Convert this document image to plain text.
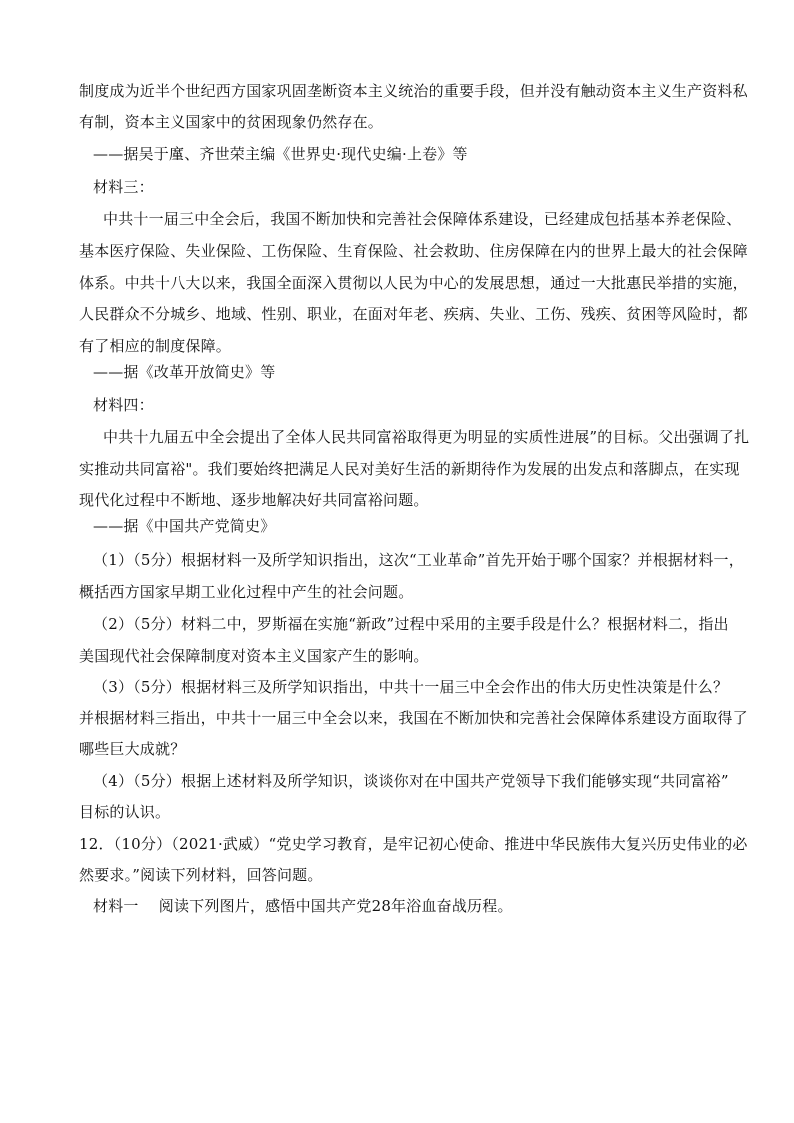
制度成为近半个世纪西方国家巩固垄断资本主义统治的重要手段，但并没有触动资本主义生产资料私
有制，资本主义国家中的贫困现象仍然存在。
——据吴于廑、齐世荣主编《世界史·现代史编·上卷》等
材料三：
中共十一届三中全会后，我国不断加快和完善社会保障体系建设，已经建成包括基本养老保险、
基本医疗保险、失业保险、工伤保险、生育保险、社会救助、住房保障在内的世界上最大的社会保障
体系。中共十八大以来，我国全面深入贯彻以人民为中心的发展思想，通过一大批惠民举措的实施，
人民群众不分城乡、地域、性别、职业，在面对年老、疾病、失业、工伤、残疾、贫困等风险时，都
有了相应的制度保障。
——据《改革开放简史》等
材料四：
中共十九届五中全会提出了全体人民共同富裕取得更为明显的实质性进展”的目标。父出强调了扎
实推动共同富裕"。我们要始终把满足人民对美好生活的新期待作为发展的出发点和落脚点，在实现
现代化过程中不断地、逐步地解决好共同富裕问题。
——据《中国共产党简史》
（1）（5分）根据材料一及所学知识指出，这次“工业革命”首先开始于哪个国家？并根据材料一，
概括西方国家早期工业化过程中产生的社会问题。
（2）（5分）材料二中，罗斯福在实施“新政”过程中采用的主要手段是什么？根据材料二，指出
美国现代社会保障制度对资本主义国家产生的影响。
（3）（5分）根据材料三及所学知识指出，中共十一届三中全会作出的伟大历史性决策是什么？
并根据材料三指出，中共十一届三中全会以来，我国在不断加快和完善社会保障体系建设方面取得了
哪些巨大成就？
（4）（5分）根据上述材料及所学知识，谈谈你对在中国共产党领导下我们能够实现“共同富裕”
目标的认识。
12．（10分）（2021·武威）“党史学习教育，是牢记初心使命、推进中华民族伟大复兴历史伟业的必
然要求。”阅读下列材料，回答问题。
材料一　 阅读下列图片，感悟中国共产党28年浴血奋战历程。
